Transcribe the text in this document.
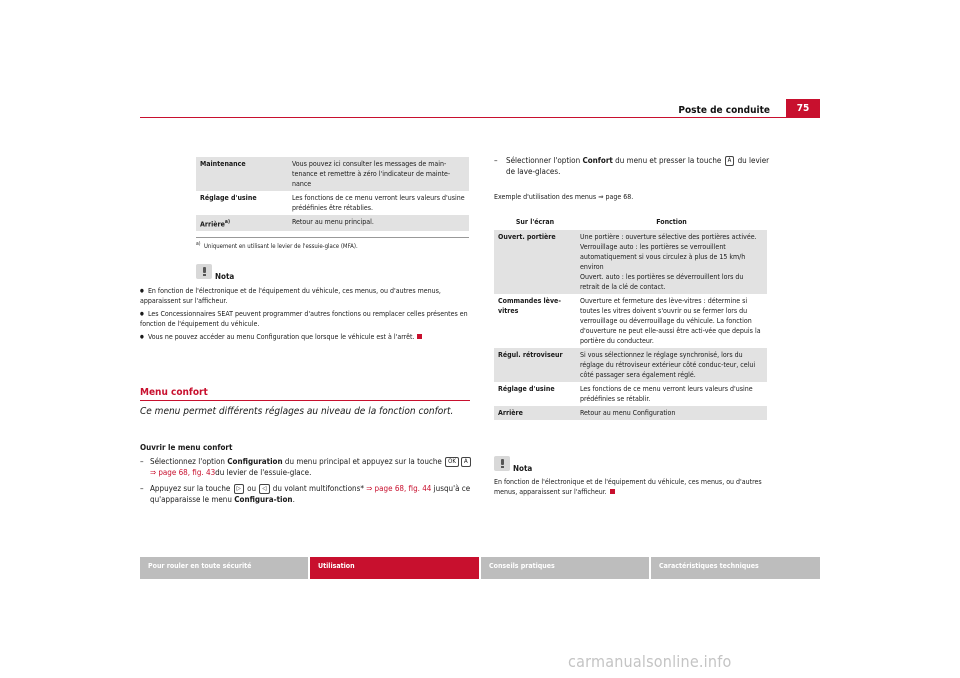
Poste de conduite	75
Maintenance	Vous pouvez ici consulter les messages de main-tenance et remettre à zéro l'indicateur de mainte-nance
Réglage d'usine	Les fonctions de ce menu verront leurs valeurs d'usine prédéfinies être rétablies.
Arrière$^{a)}$	Retour au menu principal.
$^{a)}$ Uniquement en utilisant le levier de l'essuie-glace (MFA).
Nota
● En fonction de l'électronique et de l'équipement du véhicule, ces menus, ou d'autres menus, apparaissent sur l'afficheur.
● Les Concessionnaires SEAT peuvent programmer d'autres fonctions ou remplacer celles présentes en fonction de l'équipement du véhicule.
● Vous ne pouvez accéder au menu Configuration que lorsque le véhicule est à l'arrêt.
Menu confort
Ce menu permet différents réglages au niveau de la fonction confort.
Ouvrir le menu confort
– Sélectionnez l'option Configuration du menu principal et appuyez sur la touche OK A ⇒ page 68, fig. 43du levier de l'essuie-glace.
– Appuyez sur la touche ▷ ou ◁ du volant multifonctions* ⇒ page 68, fig. 44 jusqu'à ce qu'apparaisse le menu Configura-tion.
–	Sélectionner l'option Confort du menu et presser la touche A du levier de lave-glaces.
Exemple d'utilisation des menus ⇒ page 68.
Sur l'écran	Fonction
Ouvert. portière	Une portière : ouverture sélective des portières activée.
Verrouillage auto : les portières se verrouillent automatiquement si vous circulez à plus de 15 km/h environ
Ouvert. auto : les portières se déverrouillent lors du retrait de la clé de contact.
Commandes lève-vitres	Ouverture et fermeture des lève-vitres : détermine si toutes les vitres doivent s'ouvrir ou se fermer lors du verrouillage ou déverrouillage du véhicule. La fonction d'ouverture ne peut elle-aussi être acti-vée que depuis la portière du conducteur.
Régul. rétroviseur	Si vous sélectionnez le réglage synchronisé, lors du réglage du rétroviseur extérieur côté conduc-teur, celui côté passager sera également réglé.
Réglage d'usine	Les fonctions de ce menu verront leurs valeurs d'usine prédéfinies se rétablir.
Arrière	Retour au menu Configuration
Nota
En fonction de l'électronique et de l'équipement du véhicule, ces menus, ou d'autres menus, apparaissent sur l'afficheur.
Pour rouler en toute sécurité	Utilisation	Conseils pratiques	Caractéristiques techniques
carmanualsonline.info
